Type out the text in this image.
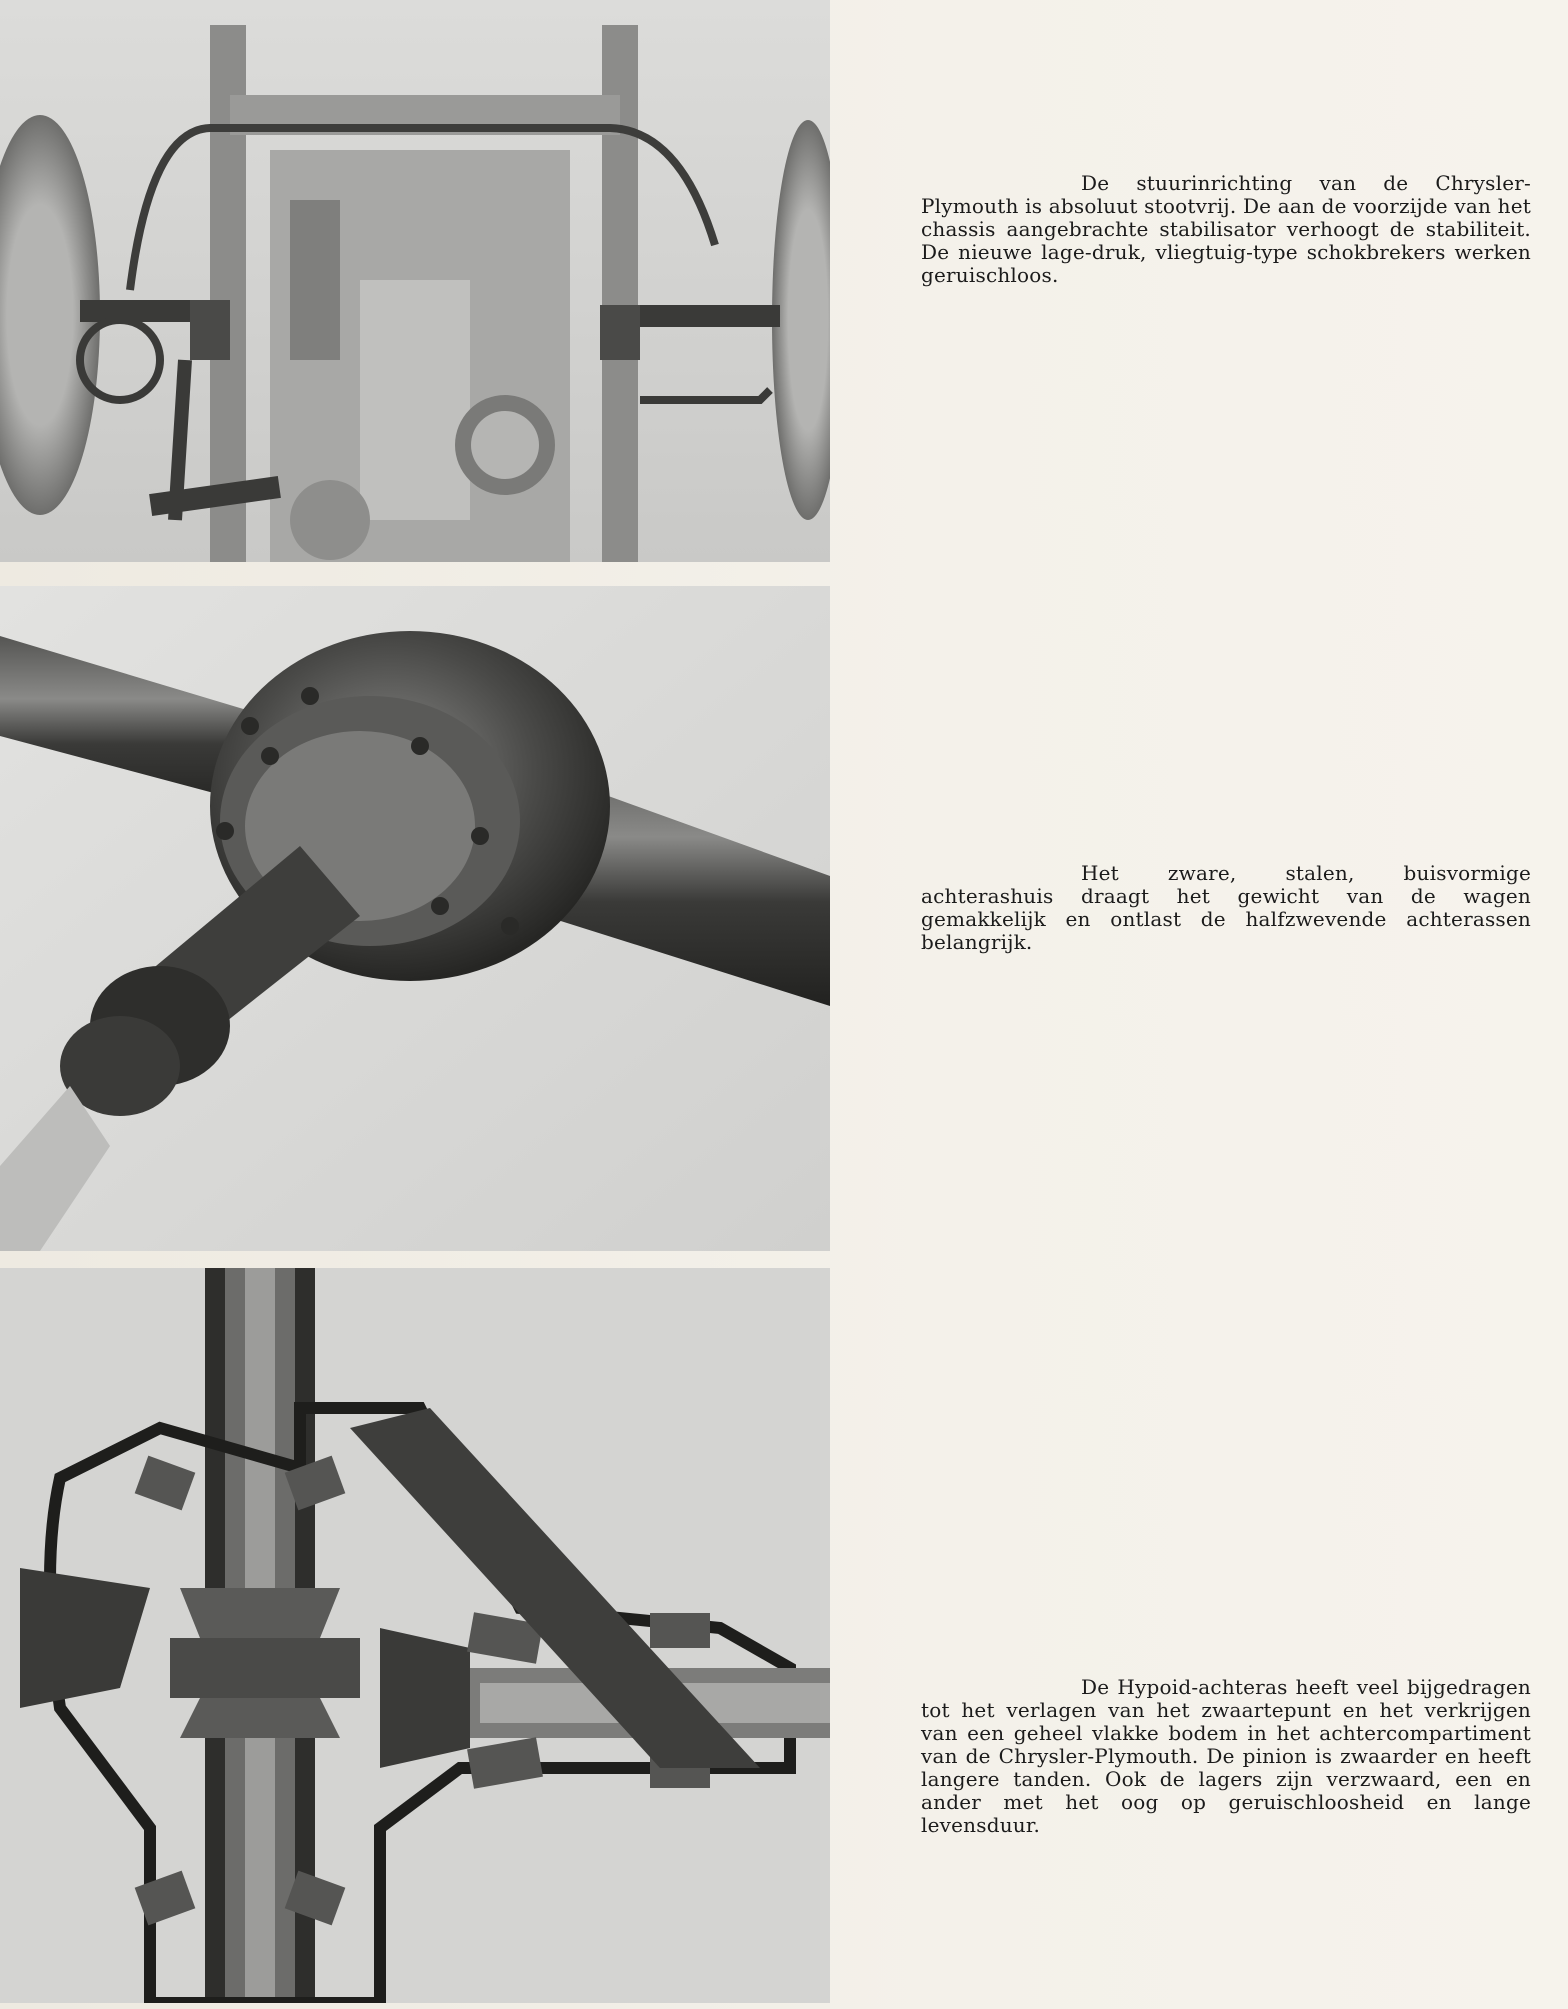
De stuurinrichting van de Chrysler-Plymouth is absoluut stootvrij. De aan de voorzijde van het chassis aangebrachte stabilisator verhoogt de stabiliteit. De nieuwe lage-druk, vliegtuig-type schokbrekers werken geruischloos.

Het zware, stalen, buisvormige achterashuis draagt het gewicht van de wagen gemakkelijk en ontlast de halfzwevende achterassen belangrijk.

De Hypoid-achteras heeft veel bijgedragen tot het verlagen van het zwaartepunt en het verkrijgen van een geheel vlakke bodem in het achtercompartiment van de Chrysler-Plymouth. De pinion is zwaarder en heeft langere tanden. Ook de lagers zijn verzwaard, een en ander met het oog op geruischloosheid en lange levensduur.
